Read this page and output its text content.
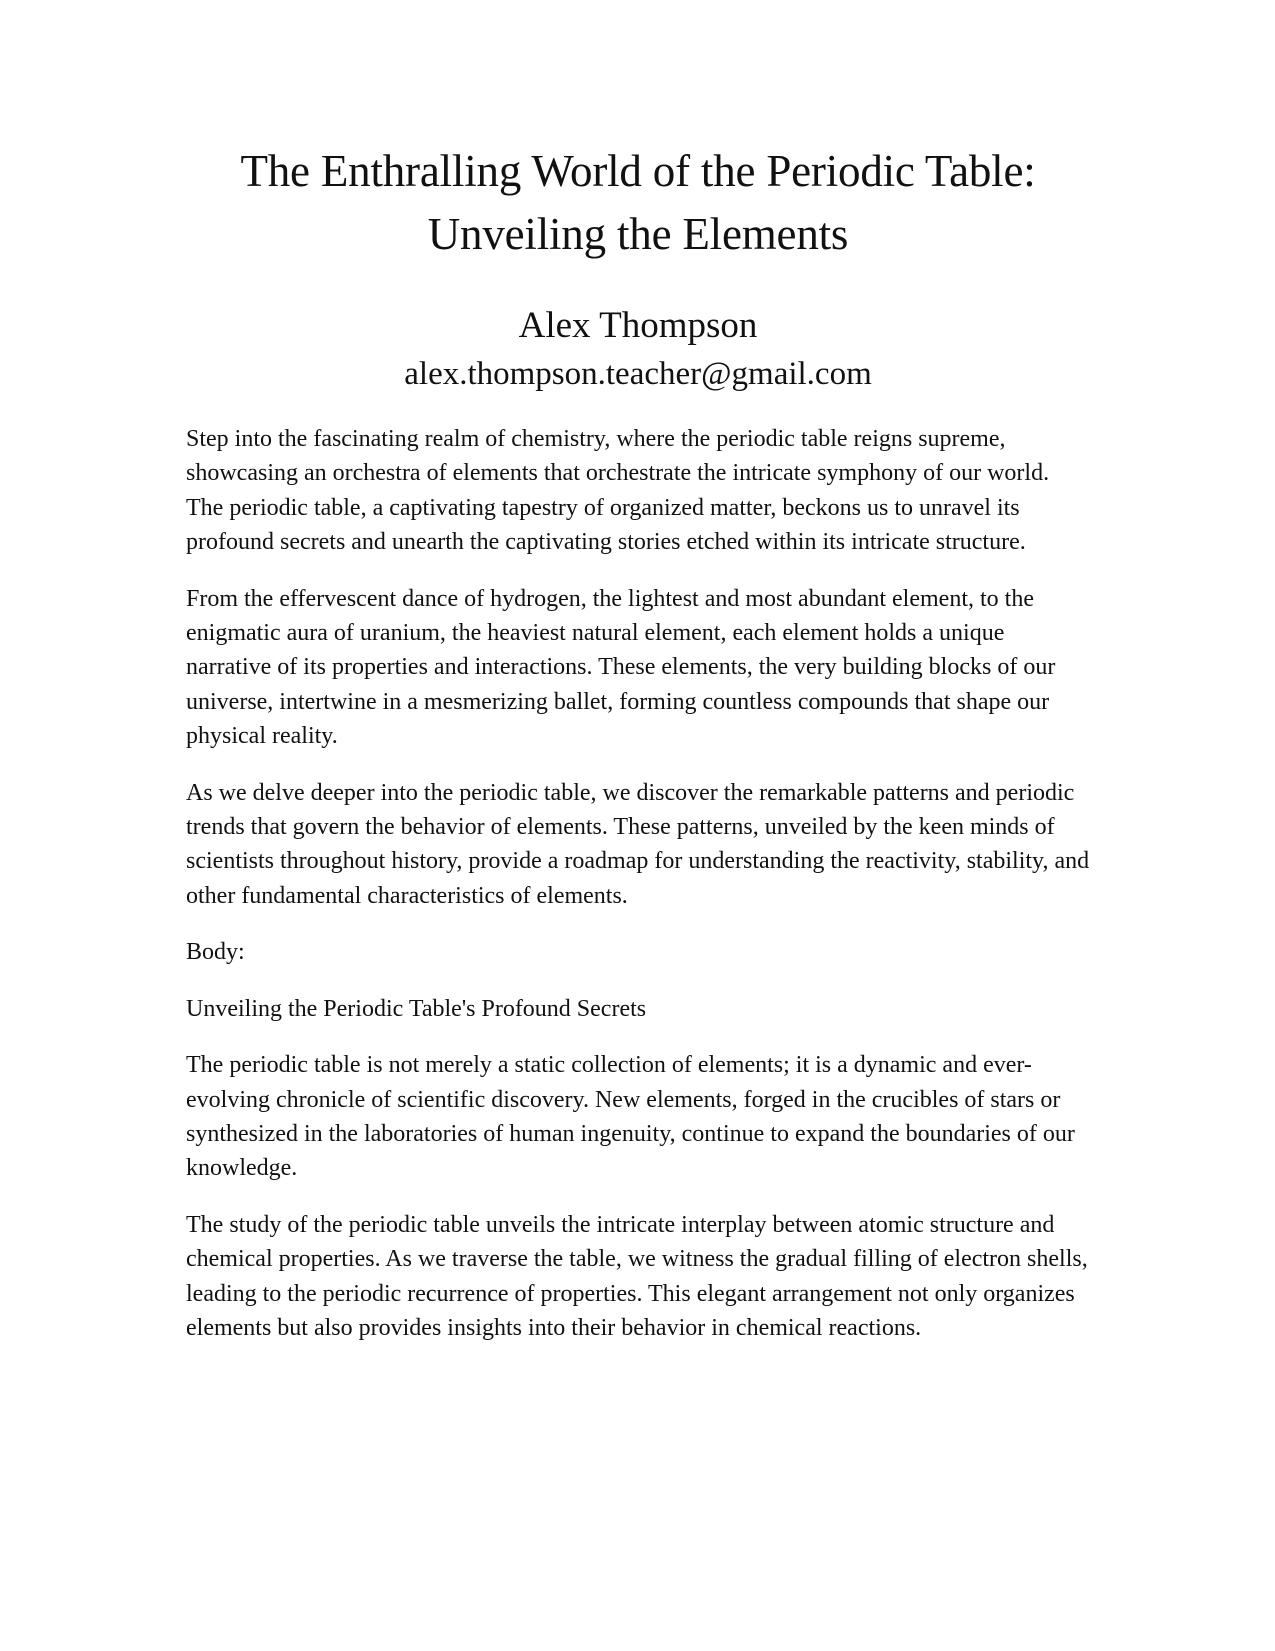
The Enthralling World of the Periodic Table:
Unveiling the Elements
Alex Thompson
alex.thompson.teacher@gmail.com

Step into the fascinating realm of chemistry, where the periodic table reigns supreme, showcasing an orchestra of elements that orchestrate the intricate symphony of our world. The periodic table, a captivating tapestry of organized matter, beckons us to unravel its profound secrets and unearth the captivating stories etched within its intricate structure.

From the effervescent dance of hydrogen, the lightest and most abundant element, to the enigmatic aura of uranium, the heaviest natural element, each element holds a unique narrative of its properties and interactions. These elements, the very building blocks of our universe, intertwine in a mesmerizing ballet, forming countless compounds that shape our physical reality.

As we delve deeper into the periodic table, we discover the remarkable patterns and periodic trends that govern the behavior of elements. These patterns, unveiled by the keen minds of scientists throughout history, provide a roadmap for understanding the reactivity, stability, and other fundamental characteristics of elements.

Body:

Unveiling the Periodic Table's Profound Secrets

The periodic table is not merely a static collection of elements; it is a dynamic and ever-evolving chronicle of scientific discovery. New elements, forged in the crucibles of stars or synthesized in the laboratories of human ingenuity, continue to expand the boundaries of our knowledge.

The study of the periodic table unveils the intricate interplay between atomic structure and chemical properties. As we traverse the table, we witness the gradual filling of electron shells, leading to the periodic recurrence of properties. This elegant arrangement not only organizes elements but also provides insights into their behavior in chemical reactions.
